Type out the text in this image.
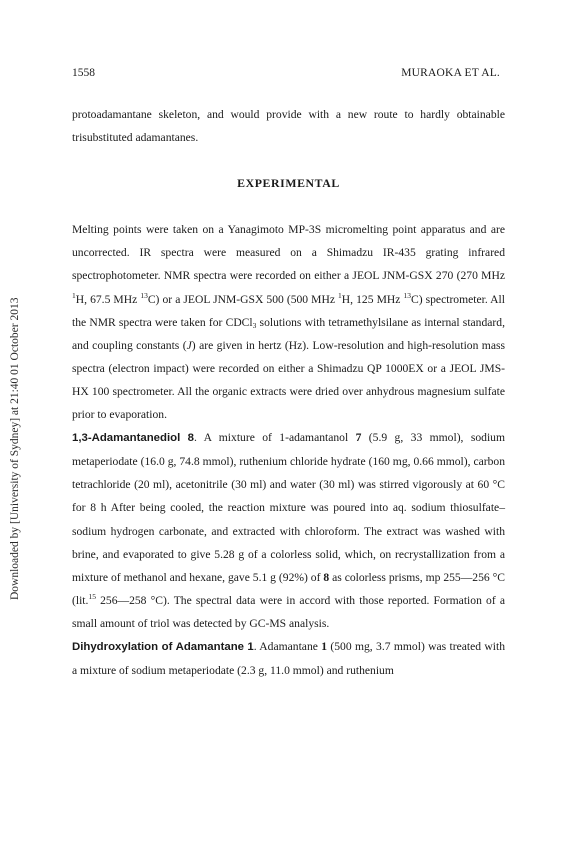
1558	MURAOKA ET AL.
Downloaded by [University of Sydney] at 21:40 01 October 2013

protoadamantane skeleton, and would provide with a new route to hardly obtainable trisubstituted adamantanes.

EXPERIMENTAL

Melting points were taken on a Yanagimoto MP-3S micromelting point apparatus and are uncorrected. IR spectra were measured on a Shimadzu IR-435 grating infrared spectrophotometer. NMR spectra were recorded on either a JEOL JNM-GSX 270 (270 MHz $^1$H, 67.5 MHz $^{13}$C) or a JEOL JNM-GSX 500 (500 MHz $^1$H, 125 MHz $^{13}$C) spectrometer. All the NMR spectra were taken for CDCl$_3$ solutions with tetramethylsilane as internal standard, and coupling constants (J) are given in hertz (Hz). Low-resolution and high-resolution mass spectra (electron impact) were recorded on either a Shimadzu QP 1000EX or a JEOL JMS-HX 100 spectrometer. All the organic extracts were dried over anhydrous magnesium sulfate prior to evaporation.

1,3-Adamantanediol 8. A mixture of 1-adamantanol 7 (5.9 g, 33 mmol), sodium metaperiodate (16.0 g, 74.8 mmol), ruthenium chloride hydrate (160 mg, 0.66 mmol), carbon tetrachloride (20 ml), acetonitrile (30 ml) and water (30 ml) was stirred vigorously at 60 °C for 8 h After being cooled, the reaction mixture was poured into aq. sodium thiosulfate–sodium hydrogen carbonate, and extracted with chloroform. The extract was washed with brine, and evaporated to give 5.28 g of a colorless solid, which, on recrystallization from a mixture of methanol and hexane, gave 5.1 g (92%) of 8 as colorless prisms, mp 255—256 °C (lit.$^{15}$ 256—258 °C). The spectral data were in accord with those reported. Formation of a small amount of triol was detected by GC-MS analysis.

Dihydroxylation of Adamantane 1. Adamantane 1 (500 mg, 3.7 mmol) was treated with a mixture of sodium metaperiodate (2.3 g, 11.0 mmol) and ruthenium
